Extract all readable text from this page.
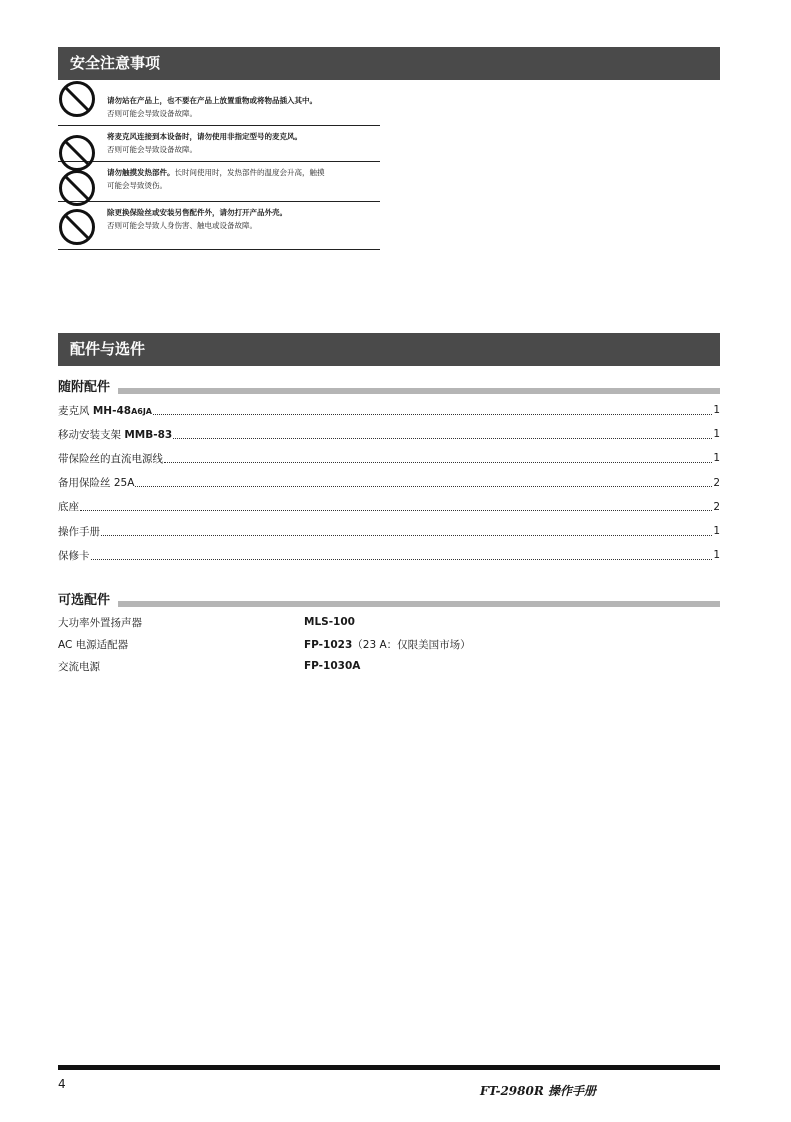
安全注意事项
请勿站在产品上，也不要在产品上放置重物或将物品插入其中。
否则可能会导致设备故障。
将麦克风连接到本设备时，请勿使用非指定型号的麦克风。
否则可能会导致设备故障。
请勿触摸发热部件。长时间使用时，发热部件的温度会升高，触摸
可能会导致烫伤。
除更换保险丝或安装另售配件外，请勿打开产品外壳。
否则可能会导致人身伤害、触电或设备故障。
配件与选件
随附配件
麦克风 MH-48A6JA	1
移动安装支架 MMB-83	1
带保险丝的直流电源线	1
备用保险丝 25A	2
底座	2
操作手册	1
保修卡	1
可选配件
大功率外置扬声器	MLS-100
AC 电源适配器	FP-1023（23 A：仅限美国市场）
交流电源	FP-1030A
4	FT-2980R 操作手册
